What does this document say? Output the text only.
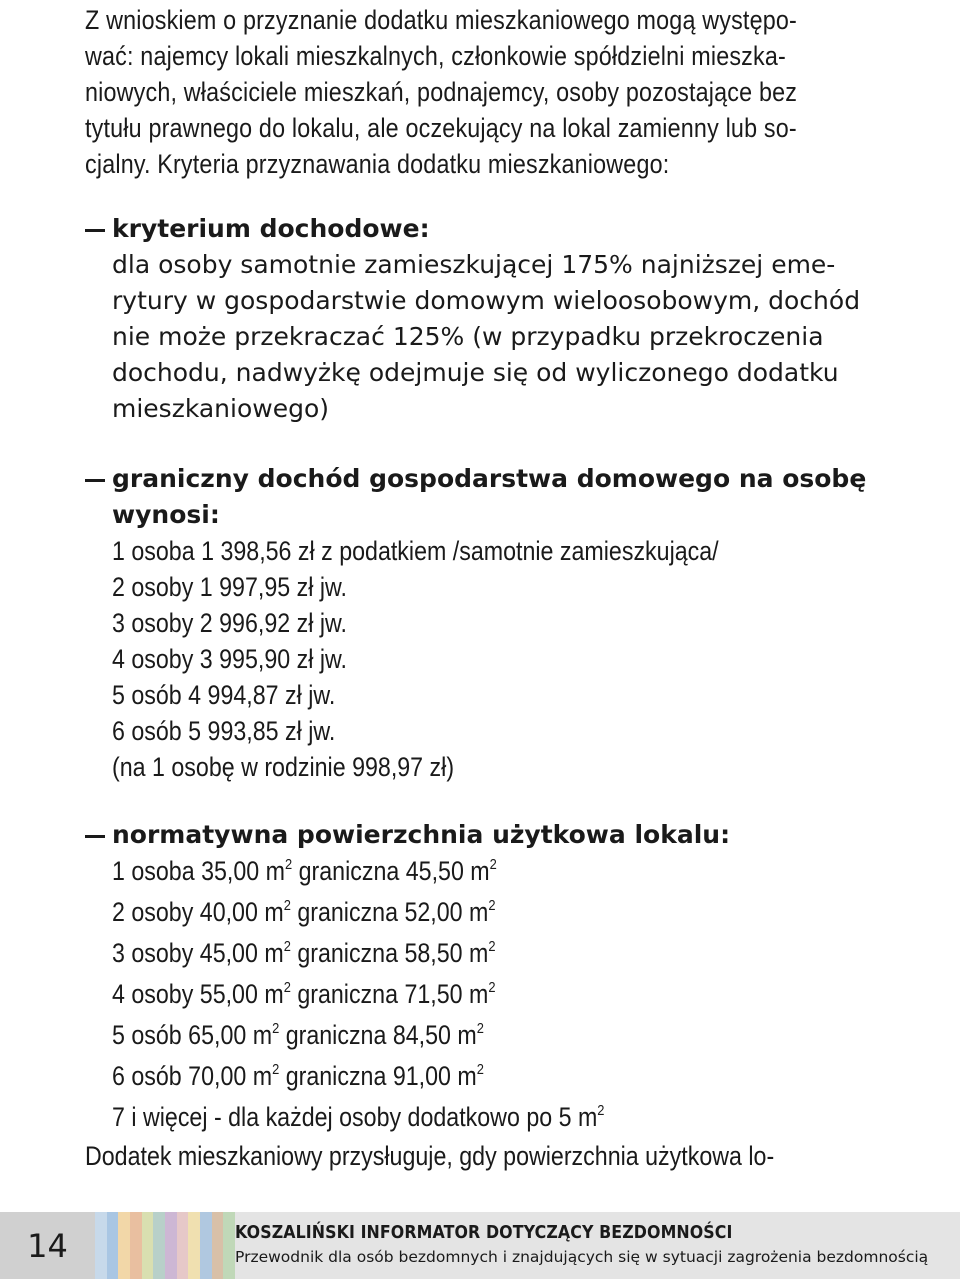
Z wnioskiem o przyznanie dodatku mieszkaniowego mogą występo-
wać: najemcy lokali mieszkalnych, członkowie spółdzielni mieszka-
niowych, właściciele mieszkań, podnajemcy, osoby pozostające bez
tytułu prawnego do lokalu, ale oczekujący na lokal zamienny lub so-
cjalny. Kryteria przyznawania dodatku mieszkaniowego:
kryterium dochodowe:
dla osoby samotnie zamieszkującej 175% najniższej eme-
rytury w gospodarstwie domowym wieloosobowym, dochód
nie może przekraczać 125% (w przypadku przekroczenia
dochodu, nadwyżkę odejmuje się od wyliczonego dodatku
mieszkaniowego)
graniczny dochód gospodarstwa domowego na osobę
wynosi:
1 osoba 1 398,56 zł z podatkiem /samotnie zamieszkująca/
2 osoby 1 997,95 zł jw.
3 osoby 2 996,92 zł jw.
4 osoby 3 995,90 zł jw.
5 osób 4 994,87 zł jw.
6 osób 5 993,85 zł jw.
(na 1 osobę w rodzinie 998,97 zł)
normatywna powierzchnia użytkowa lokalu:
1 osoba 35,00 $m^2$ graniczna 45,50 $m^2$
2 osoby 40,00 $m^2$ graniczna 52,00 $m^2$
3 osoby 45,00 $m^2$ graniczna 58,50 $m^2$
4 osoby 55,00 $m^2$ graniczna 71,50 $m^2$
5 osób 65,00 $m^2$ graniczna 84,50 $m^2$
6 osób 70,00 $m^2$ graniczna 91,00 $m^2$
7 i więcej - dla każdej osoby dodatkowo po 5 $m^2$
Dodatek mieszkaniowy przysługuje, gdy powierzchnia użytkowa lo-
14	KOSZALIŃSKI INFORMATOR DOTYCZĄCY BEZDOMNOŚCI
Przewodnik dla osób bezdomnych i znajdujących się w sytuacji zagrożenia bezdomnością
